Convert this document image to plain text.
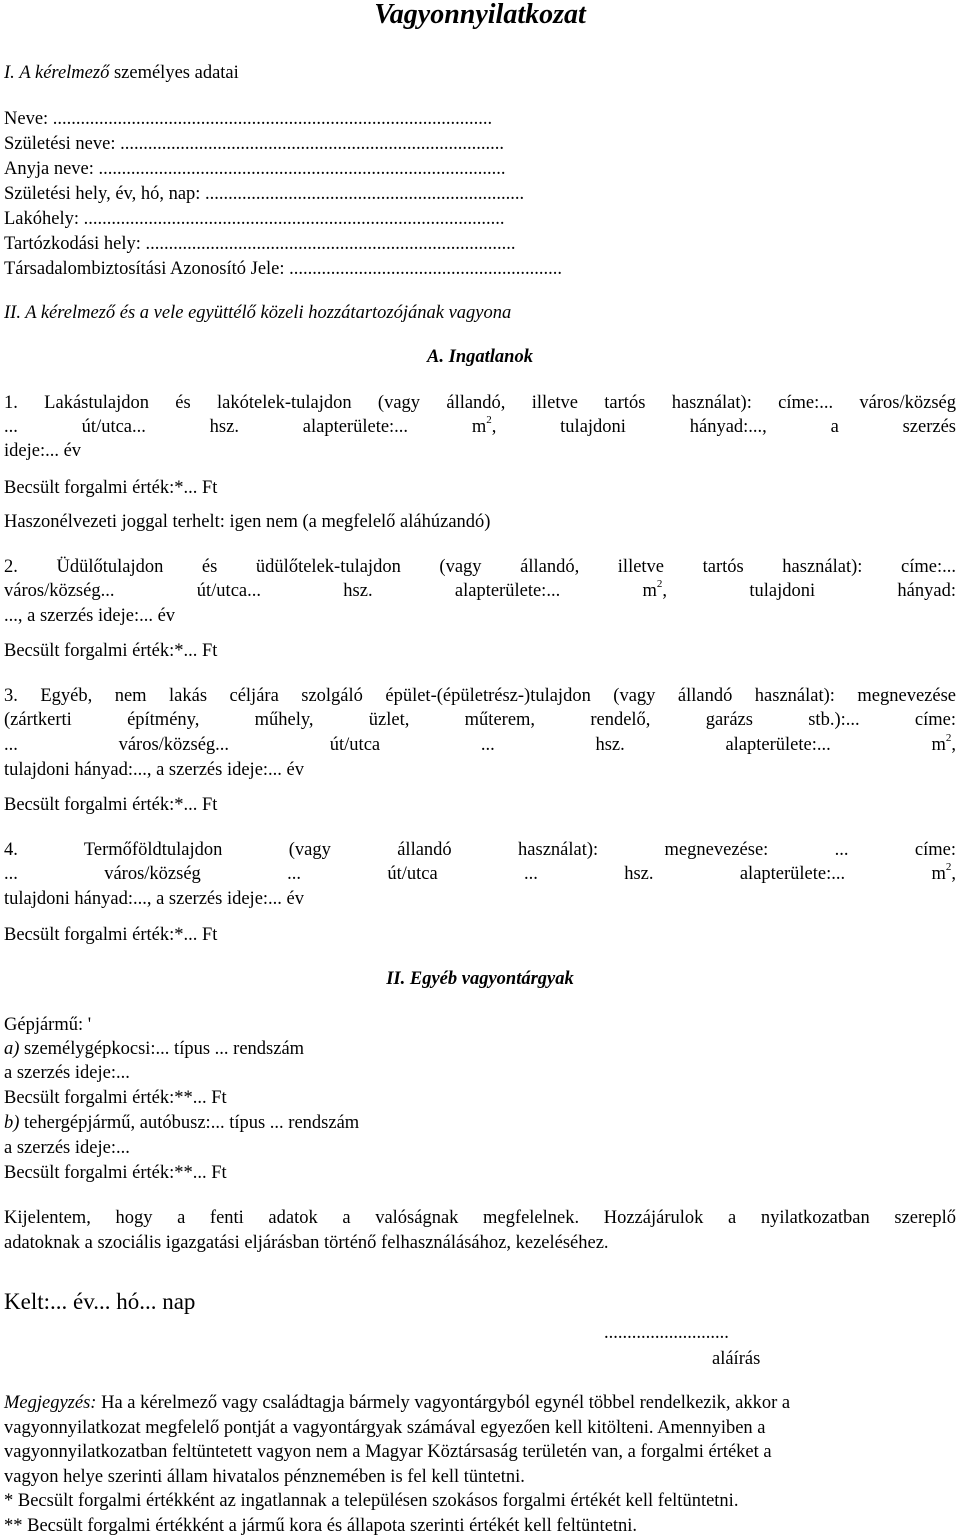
Vagyonnyilatkozat
I. A kérelmező személyes adatai
Neve: ...............................................................................................
Születési neve: ...................................................................................
Anyja neve: ........................................................................................
Születési hely, év, hó, nap: .....................................................................
Lakóhely: ...........................................................................................
Tartózkodási hely: ................................................................................
Társadalombiztosítási Azonosító Jele: ...........................................................
II. A kérelmező és a vele együttélő közeli hozzátartozójának vagyona
A. Ingatlanok
1. Lakástulajdon és lakótelek-tulajdon (vagy állandó, illetve tartós használat): címe:... város/község
... út/utca... hsz. alapterülete:... $m^2$, tulajdoni hányad:..., a szerzés
ideje:... év
Becsült forgalmi érték:*... Ft
Haszonélvezeti joggal terhelt: igen nem (a megfelelő aláhúzandó)
2. Üdülőtulajdon és üdülőtelek-tulajdon (vagy állandó, illetve tartós használat): címe:...
város/község... út/utca... hsz. alapterülete:... $m^2$, tulajdoni hányad:
..., a szerzés ideje:... év
Becsült forgalmi érték:*... Ft
3. Egyéb, nem lakás céljára szolgáló épület-(épületrész-)tulajdon (vagy állandó használat): megnevezése
(zártkerti építmény, műhely, üzlet, műterem, rendelő, garázs stb.):... címe:
... város/község... út/utca ... hsz. alapterülete:... $m^2$,
tulajdoni hányad:..., a szerzés ideje:... év
Becsült forgalmi érték:*... Ft
4. Termőföldtulajdon (vagy állandó használat): megnevezése: ... címe:
... város/község ... út/utca ... hsz. alapterülete:... $m^2$,
tulajdoni hányad:..., a szerzés ideje:... év
Becsült forgalmi érték:*... Ft
II. Egyéb vagyontárgyak
Gépjármű: '
a) személygépkocsi:... típus ... rendszám
a szerzés ideje:...
Becsült forgalmi érték:**... Ft
b) tehergépjármű, autóbusz:... típus ... rendszám
a szerzés ideje:...
Becsült forgalmi érték:**... Ft
Kijelentem, hogy a fenti adatok a valóságnak megfelelnek. Hozzájárulok a nyilatkozatban szereplő
adatoknak a szociális igazgatási eljárásban történő felhasználásához, kezeléséhez.
Kelt:... év... hó... nap
...........................
aláírás
Megjegyzés: Ha a kérelmező vagy családtagja bármely vagyontárgyból egynél többel rendelkezik, akkor a
vagyonnyilatkozat megfelelő pontját a vagyontárgyak számával egyezően kell kitölteni. Amennyiben a
vagyonnyilatkozatban feltüntetett vagyon nem a Magyar Köztársaság területén van, a forgalmi értéket a
vagyon helye szerinti állam hivatalos pénznemében is fel kell tüntetni.
* Becsült forgalmi értékként az ingatlannak a településen szokásos forgalmi értékét kell feltüntetni.
** Becsült forgalmi értékként a jármű kora és állapota szerinti értékét kell feltüntetni.
